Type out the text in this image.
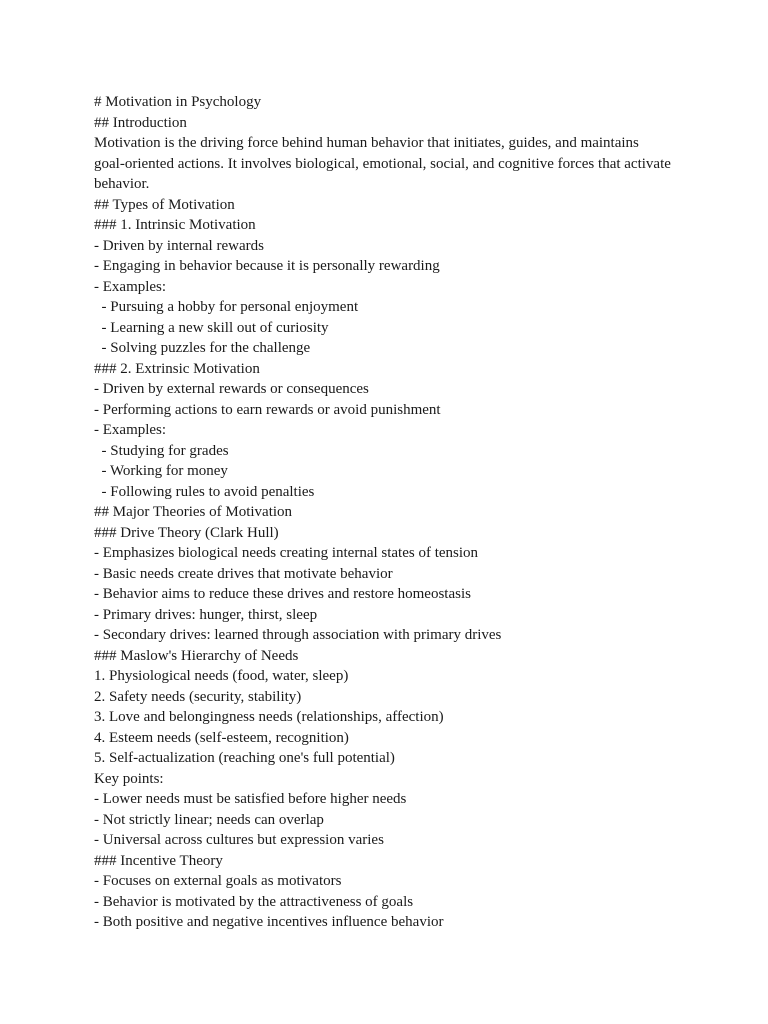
# Motivation in Psychology
## Introduction
Motivation is the driving force behind human behavior that initiates, guides, and maintains
goal-oriented actions. It involves biological, emotional, social, and cognitive forces that activate
behavior.
## Types of Motivation
### 1. Intrinsic Motivation
- Driven by internal rewards
- Engaging in behavior because it is personally rewarding
- Examples:
- Pursuing a hobby for personal enjoyment
- Learning a new skill out of curiosity
- Solving puzzles for the challenge
### 2. Extrinsic Motivation
- Driven by external rewards or consequences
- Performing actions to earn rewards or avoid punishment
- Examples:
- Studying for grades
- Working for money
- Following rules to avoid penalties
## Major Theories of Motivation
### Drive Theory (Clark Hull)
- Emphasizes biological needs creating internal states of tension
- Basic needs create drives that motivate behavior
- Behavior aims to reduce these drives and restore homeostasis
- Primary drives: hunger, thirst, sleep
- Secondary drives: learned through association with primary drives
### Maslow's Hierarchy of Needs
1. Physiological needs (food, water, sleep)
2. Safety needs (security, stability)
3. Love and belongingness needs (relationships, affection)
4. Esteem needs (self-esteem, recognition)
5. Self-actualization (reaching one's full potential)
Key points:
- Lower needs must be satisfied before higher needs
- Not strictly linear; needs can overlap
- Universal across cultures but expression varies
### Incentive Theory
- Focuses on external goals as motivators
- Behavior is motivated by the attractiveness of goals
- Both positive and negative incentives influence behavior
